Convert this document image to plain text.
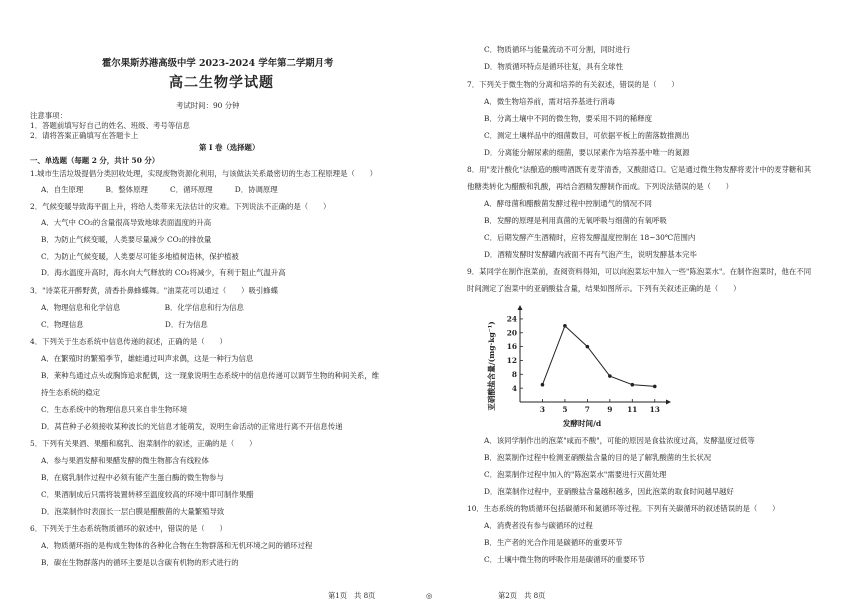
霍尔果斯苏港高级中学 2023-2024 学年第二学期月考
高二生物学试题
考试时间：90 分钟
注意事项：
1．答题前填写好自己的姓名、班级、考号等信息
2．请将答案正确填写在答题卡上
第 I 卷（选择题）
一、单选题（每题 2 分，共计 50 分）
1.城市生活垃圾提倡分类回收处理，实现废物资源化利用，与该做法关系最密切的生态工程原理是（　　）
A．自生原理　　　B．整体原理　　　C．循环原理　　　D．协调原理
2．气候变暖导致海平面上升，将给人类带来无法估计的灾难。下列说法不正确的是（　　）
A．大气中 CO₂的含量很高导致地球表面温度的升高
B．为防止气候变暖，人类要尽量减少 CO₂的排放量
C．为防止气候变暖，人类要尽可能多地植树造林，保护植被
D．海水温度升高时，海水向大气释放的 CO₂将减少，有利于阻止气温升高
3．"诗菜花开醉野黄，清香扑鼻蜂蝶舞。"油菜花可以通过（　　）吸引蜂蝶
A．物理信息和化学信息　　　　　　B．化学信息和行为信息
C．物理信息　　　　　　　　　　　D．行为信息
4．下列关于生态系统中信息传递的叙述，正确的是（　　）
A．在繁殖时的繁殖季节，雄蛙通过叫声求偶，这是一种行为信息
B．莱种鸟通过点头或胸饰追求配偶，这一现象说明生态系统中的信息传递可以调节生物的种间关系，维
持生态系统的稳定
C．生态系统中的物理信息只来自非生物环境
D．莴苣种子必须接收某种波长的光信息才能萌发，说明生命活动的正常进行离不开信息传递
5．下列有关果酒、果醋和腐乳、泡菜制作的叙述，正确的是（　　）
A．参与果酒发酵和果醋发酵的微生物都含有线粒体
B．在腐乳制作过程中必须有能产生蛋白酶的微生物参与
C．果酒制成后只需将装置转移至温度较高的环境中即可制作果醋
D．泡菜制作时表面长一层白膜是醋酸菌的大量繁殖导致
6．下列关于生态系统物质循环的叙述中，错误的是（　　）
A．物质循环指的是构成生物体的各种化合物在生物群落和无机环境之间的循环过程
B．碳在生物群落内的循环主要是以含碳有机物的形式进行的
C．物质循环与能量流动不可分割，同时进行
D．物质循环特点是循环往复，具有全球性
7．下列关于微生物的分离和培养的有关叙述，错误的是（　　）
A．微生物培养前，需对培养基进行消毒
B．分离土壤中不同的微生物，要采用不同的稀释度
C．测定土壤样品中的细菌数目，可依据平板上的菌落数推测出
D．分离能分解尿素的细菌，要以尿素作为培养基中唯一的氮源
8．用"麦汁酸化"法酿造的酸啤酒既有麦芽清香，又酸甜适口。它是通过微生物发酵将麦汁中的麦芽糖和其
他糖类转化为醋酸和乳酸，再结合酒精发酵制作而成。下列说法错误的是（　　）
A．酵母菌和醋酸菌发酵过程中控制通气的情况不同
B．发酵的原理是利用真菌的无氧呼吸与细菌的有氧呼吸
C．后期发酵产生酒精时，应将发酵温度控制在 18~30℃范围内
D．酒精发酵时发酵罐内液面不再有气泡产生，说明发酵基本完毕
9．某同学在制作泡菜前，查阅资料得知，可以向泡菜坛中加入一些"陈泡菜水"。在制作泡菜时，他在不同
时间测定了泡菜中的亚硝酸盐含量，结果如图所示。下列有关叙述正确的是（　　）
A．该同学制作出的泡菜"咸而不酸"，可能的原因是食盐浓度过高，发酵温度过低等
B．泡菜制作过程中检测亚硝酸盐含量的目的是了解乳酸菌的生长状况
C．泡菜制作过程中加入的"陈泡菜水"需要进行灭菌处理
D．泡菜制作过程中，亚硝酸盐含量越积越多，因此泡菜的取食时间越早越好
10．生态系统的物质循环包括碳循环和氮循环等过程。下列有关碳循环的叙述错误的是（　　）
A．消费者没有参与碳循环的过程
B．生产者的光合作用是碳循环的重要环节
C．土壤中微生物的呼吸作用是碳循环的重要环节
亚硝酸盐含量/(mg·kg⁻¹)
发酵时间/d
4
8
12
16
20
24
3 5 7 9 11 13
第1页　共 8页	◎	第2页　共 8页
